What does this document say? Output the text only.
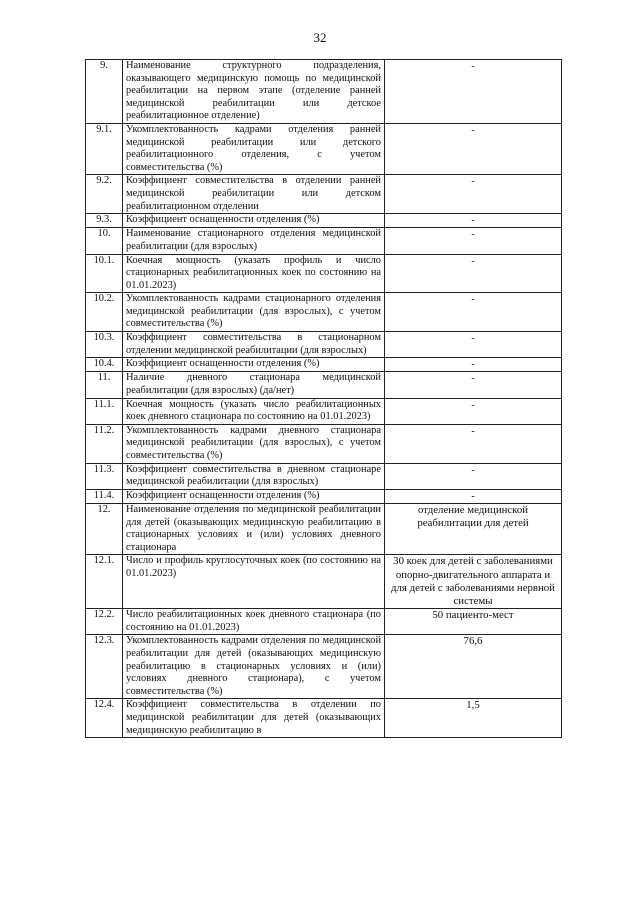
32
9.	Наименование структурного подразделения, оказывающего медицинскую помощь по медицинской реабилитации на первом этапе (отделение ранней медицинской реабилитации или детское реабилитационное отделение)	-
9.1.	Укомплектованность кадрами отделения ранней медицинской реабилитации или детского реабилитационного отделения, с учетом совместительства (%)	-
9.2.	Коэффициент совместительства в отделении ранней медицинской реабилитации или детском реабилитационном отделении	-
9.3.	Коэффициент оснащенности отделения (%)	-
10.	Наименование стационарного отделения медицинской реабилитации (для взрослых)	-
10.1.	Коечная мощность (указать профиль и число стационарных реабилитационных коек по состоянию на 01.01.2023)	-
10.2.	Укомплектованность кадрами стационарного отделения медицинской реабилитации (для взрослых), с учетом совместительства (%)	-
10.3.	Коэффициент совместительства в стационарном отделении медицинской реабилитации (для взрослых)	-
10.4.	Коэффициент оснащенности отделения (%)	-
11.	Наличие дневного стационара медицинской реабилитации (для взрослых) (да/нет)	-
11.1.	Коечная мощность (указать число реабилитационных коек дневного стационара по состоянию на 01.01.2023)	-
11.2.	Укомплектованность кадрами дневного стационара медицинской реабилитации (для взрослых), с учетом совместительства (%)	-
11.3.	Коэффициент совместительства в дневном стационаре медицинской реабилитации (для взрослых)	-
11.4.	Коэффициент оснащенности отделения (%)	-
12.	Наименование отделения по медицинской реабилитации для детей (оказывающих медицинскую реабилитацию в стационарных условиях и (или) условиях дневного стационара	отделение медицинской реабилитации для детей
12.1.	Число и профиль круглосуточных коек (по состоянию на 01.01.2023)	30 коек для детей с заболеваниями опорно-двигательного аппарата и для детей с заболеваниями нервной системы
12.2.	Число реабилитационных коек дневного стационара (по состоянию на 01.01.2023)	50 пациенто-мест
12.3.	Укомплектованность кадрами отделения по медицинской реабилитации для детей (оказывающих медицинскую реабилитацию в стационарных условиях и (или) условиях дневного стационара), с учетом совместительства (%)	76,6
12.4.	Коэффициент совместительства в отделении по медицинской реабилитации для детей (оказывающих медицинскую реабилитацию в	1,5
